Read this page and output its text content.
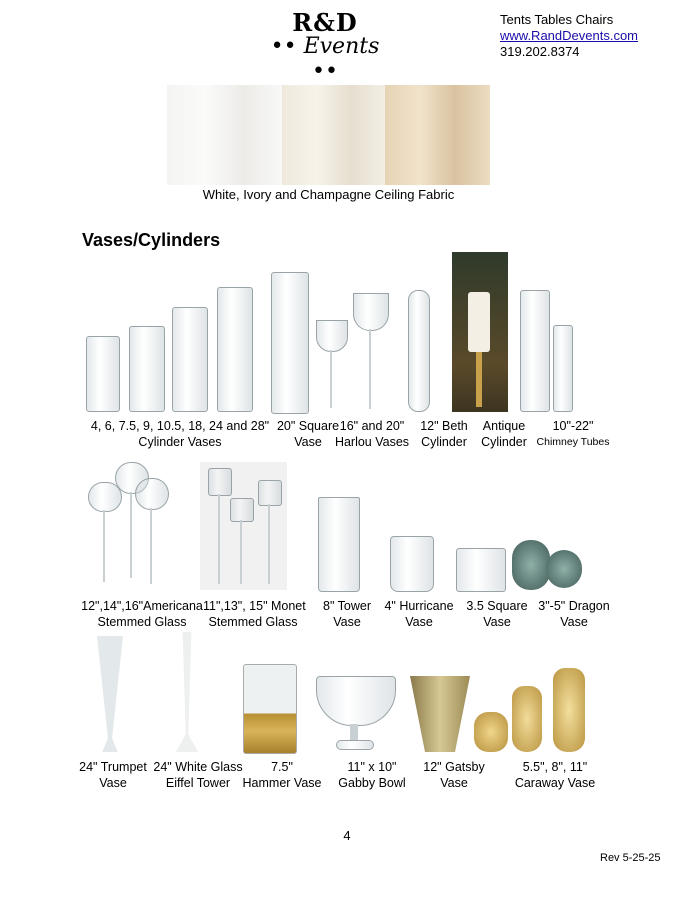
R&D
•• Events ••
Tents Tables Chairs
www.RandDevents.com
319.202.8374
White, Ivory and Champagne Ceiling Fabric
Vases/Cylinders
4, 6, 7.5, 9, 10.5, 18, 24 and 28"
Cylinder Vases
20" Square
Vase
16" and 20"
Harlou Vases
12" Beth
Cylinder
Antique
Cylinder
10"-22"
Chimney Tubes
12",14",16"Americana
Stemmed Glass
11",13", 15" Monet
Stemmed Glass
8" Tower
Vase
4" Hurricane
Vase
3.5 Square
Vase
3"-5" Dragon
Vase
24" Trumpet
Vase
24" White Glass
Eiffel Tower
7.5"
Hammer Vase
11" x 10"
Gabby Bowl
12" Gatsby
Vase
5.5", 8", 11"
Caraway Vase
4
Rev 5-25-25
